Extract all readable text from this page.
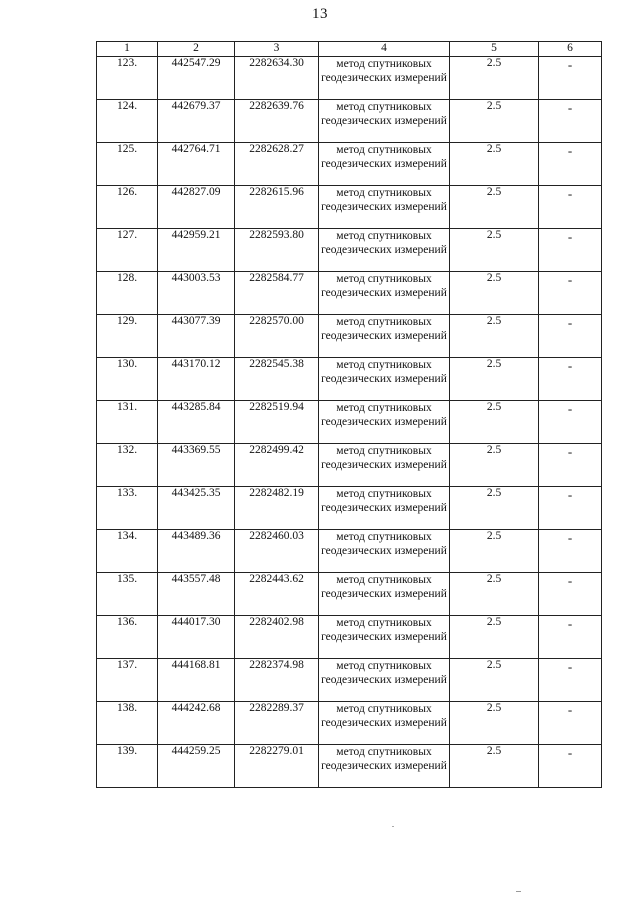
13
1	2	3	4	5	6
123.	442547.29	2282634.30	метод спутниковых геодезических измерений	2.5	-
124.	442679.37	2282639.76	метод спутниковых геодезических измерений	2.5	-
125.	442764.71	2282628.27	метод спутниковых геодезических измерений	2.5	-
126.	442827.09	2282615.96	метод спутниковых геодезических измерений	2.5	-
127.	442959.21	2282593.80	метод спутниковых геодезических измерений	2.5	-
128.	443003.53	2282584.77	метод спутниковых геодезических измерений	2.5	-
129.	443077.39	2282570.00	метод спутниковых геодезических измерений	2.5	-
130.	443170.12	2282545.38	метод спутниковых геодезических измерений	2.5	-
131.	443285.84	2282519.94	метод спутниковых геодезических измерений	2.5	-
132.	443369.55	2282499.42	метод спутниковых геодезических измерений	2.5	-
133.	443425.35	2282482.19	метод спутниковых геодезических измерений	2.5	-
134.	443489.36	2282460.03	метод спутниковых геодезических измерений	2.5	-
135.	443557.48	2282443.62	метод спутниковых геодезических измерений	2.5	-
136.	444017.30	2282402.98	метод спутниковых геодезических измерений	2.5	-
137.	444168.81	2282374.98	метод спутниковых геодезических измерений	2.5	-
138.	444242.68	2282289.37	метод спутниковых геодезических измерений	2.5	-
139.	444259.25	2282279.01	метод спутниковых геодезических измерений	2.5	-
